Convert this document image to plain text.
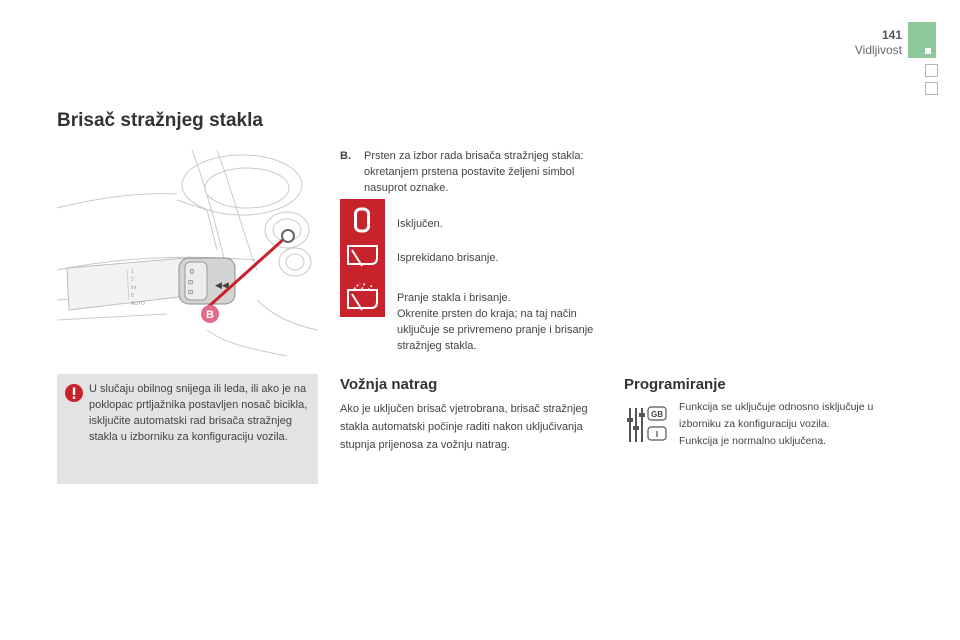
141
Vidljivost
Brisač stražnjeg stakla
1
2
int
0
AUTO
0
⊡
⊡
◀◀
B
U slučaju obilnog snijega ili leda, ili ako je na poklopac prtljažnika postavljen nosač bicikla, isključite automatski rad brisača stražnjeg stakla u izborniku za konfiguraciju vozila.
B. Prsten za izbor rada brisača stražnjeg stakla: okretanjem prstena postavite željeni simbol nasuprot oznake.
Isključen.
Isprekidano brisanje.
Pranje stakla i brisanje.
Okrenite prsten do kraja; na taj način uključuje se privremeno pranje i brisanje stražnjeg stakla.
Vožnja natrag
Ako je uključen brisač vjetrobrana, brisač stražnjeg stakla automatski počinje raditi nakon uključivanja stupnja prijenosa za vožnju natrag.
Programiranje
GB
I
Funkcija se uključuje odnosno isključuje u izborniku za konfiguraciju vozila.
Funkcija je normalno uključena.
